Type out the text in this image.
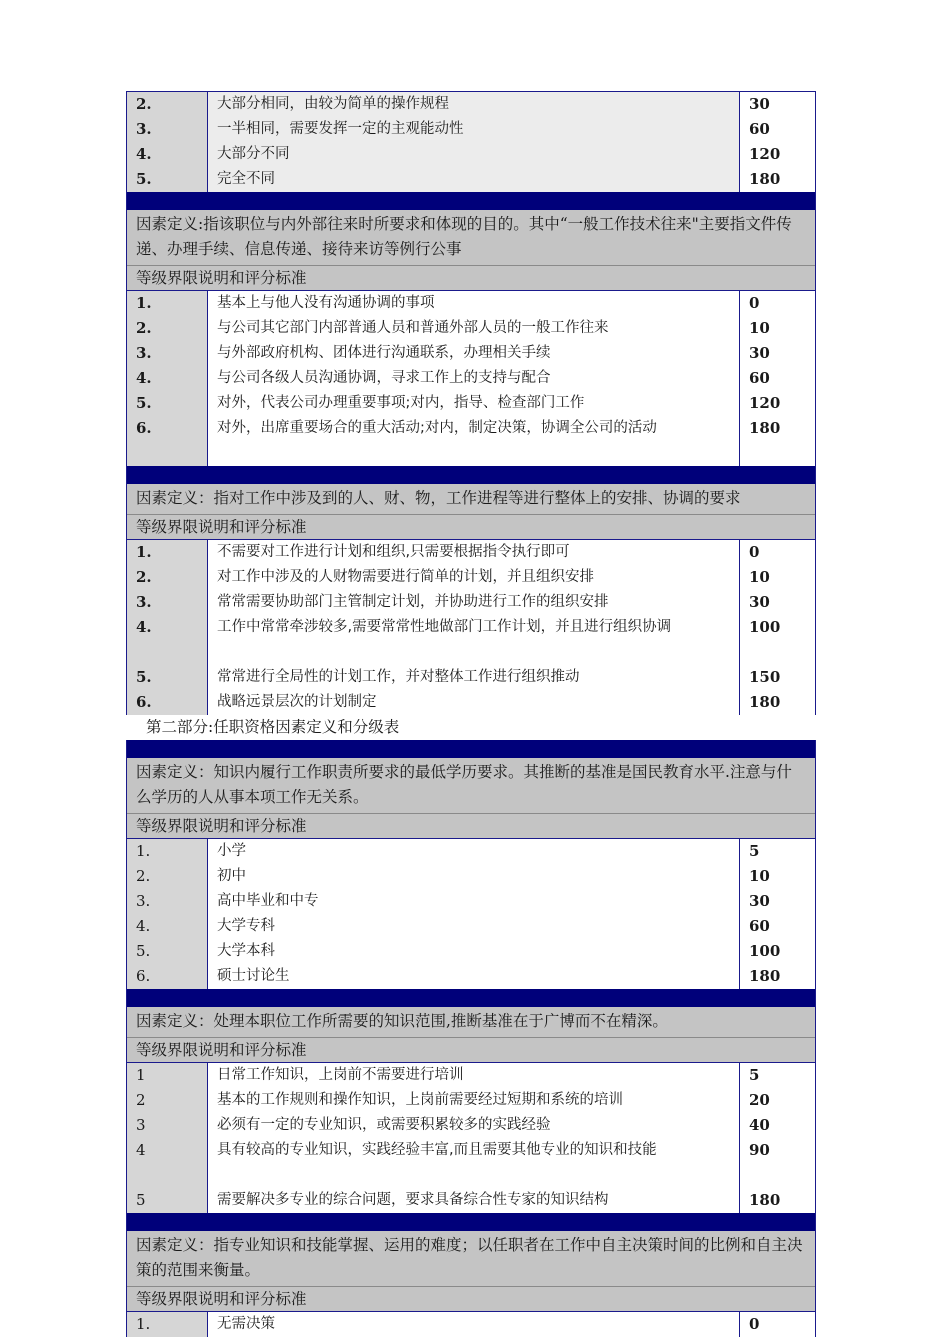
2.
3.
4.
5.
大部分相同，由较为简单的操作规程
一半相同，需要发挥一定的主观能动性
大部分不同
完全不同
30
60
120
180
因素定义:指该职位与内外部往来时所要求和体现的目的。其中“一般工作技术往来"主要指文件传递、办理手续、信息传递、接待来访等例行公事
等级界限说明和评分标准
1.
2.
3.
4.
5.
6.
基本上与他人没有沟通协调的事项
与公司其它部门内部普通人员和普通外部人员的一般工作往来
与外部政府机构、团体进行沟通联系，办理相关手续
与公司各级人员沟通协调，寻求工作上的支持与配合
对外，代表公司办理重要事项;对内，指导、检查部门工作
对外，出席重要场合的重大活动;对内，制定决策，协调全公司的活动
0
10
30
60
120
180
因素定义：指对工作中涉及到的人、财、物，工作进程等进行整体上的安排、协调的要求
等级界限说明和评分标准
1.
2.
3.
4.
5.
6.
不需要对工作进行计划和组织,只需要根据指令执行即可
对工作中涉及的人财物需要进行简单的计划，并且组织安排
常常需要协助部门主管制定计划，并协助进行工作的组织安排
工作中常常牵涉较多,需要常常性地做部门工作计划，并且进行组织协调
常常进行全局性的计划工作，并对整体工作进行组织推动
战略远景层次的计划制定
0
10
30
100
150
180
第二部分:任职资格因素定义和分级表
因素定义：知识内履行工作职责所要求的最低学历要求。其推断的基准是国民教育水平.注意与什么学历的人从事本项工作无关系。
等级界限说明和评分标准
1.
2.
3.
4.
5.
6.
小学
初中
高中毕业和中专
大学专科
大学本科
硕士讨论生
5
10
30
60
100
180
因素定义：处理本职位工作所需要的知识范围,推断基准在于广博而不在精深。
等级界限说明和评分标准
1
2
3
4
5
日常工作知识，上岗前不需要进行培训
基本的工作规则和操作知识，上岗前需要经过短期和系统的培训
必须有一定的专业知识，或需要积累较多的实践经验
具有较高的专业知识，实践经验丰富,而且需要其他专业的知识和技能
需要解决多专业的综合问题，要求具备综合性专家的知识结构
5
20
40
90
180
因素定义：指专业知识和技能掌握、运用的难度；以任职者在工作中自主决策时间的比例和自主决策的范围来衡量。
等级界限说明和评分标准
1.	无需决策	0
